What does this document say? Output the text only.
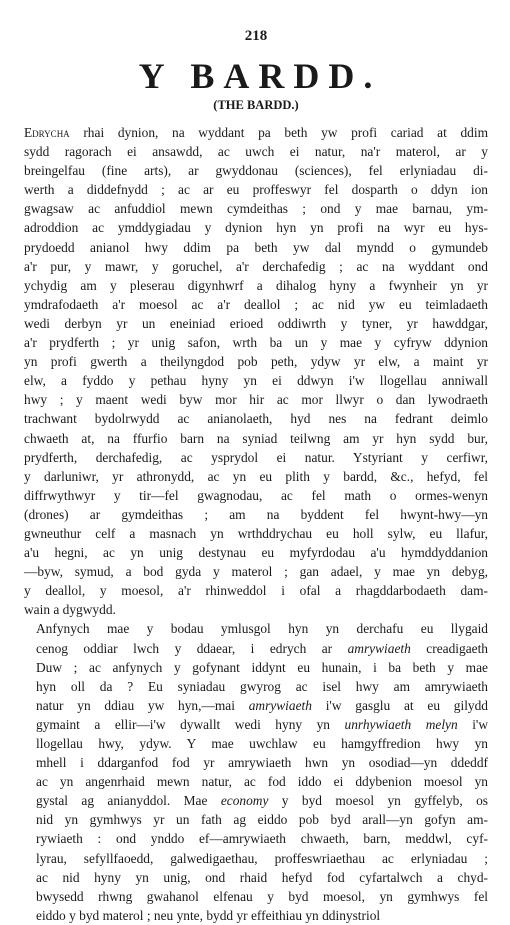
218
Y BARDD.
(THE BARDD.)

Edrycha rhai dynion, na wyddant pa beth yw profi cariad at ddim
sydd ragorach ei ansawdd, ac uwch ei natur, na'r materol, ar y
breingelfau (fine arts), ar gwyddonau (sciences), fel erlyniadau di-
werth a diddefnydd ; ac ar eu proffeswyr fel dosparth o ddyn ion
gwagsaw ac anfuddiol mewn cymdeithas ; ond y mae barnau, ym-
adroddion ac ymddygiadau y dynion hyn yn profi na wyr eu hys-
prydoedd anianol hwy ddim pa beth yw dal myndd o gymundeb
a'r pur, y mawr, y goruchel, a'r derchafedig ; ac na wyddant ond
ychydig am y pleserau digynhwrf a dihalog hyny a fwynheir yn yr
ymdrafodaeth a'r moesol ac a'r deallol ; ac nid yw eu teimladaeth
wedi derbyn yr un eneiniad erioed oddiwrth y tyner, yr hawddgar,
a'r prydferth ; yr unig safon, wrth ba un y mae y cyfryw ddynion
yn profi gwerth a theilyngdod pob peth, ydyw yr elw, a maint yr
elw, a fyddo y pethau hyny yn ei ddwyn i'w llogellau anniwall
hwy ; y maent wedi byw mor hir ac mor llwyr o dan lywodraeth
trachwant bydolrwydd ac anianolaeth, hyd nes na fedrant deimlo
chwaeth at, na ffurfio barn na syniad teilwng am yr hyn sydd bur,
prydferth, derchafedig, ac ysprydol ei natur. Ystyriant y cerfiwr,
y darluniwr, yr athronydd, ac yn eu plith y bardd, &c., hefyd, fel
diffrwythwyr y tir—fel gwagnodau, ac fel math o ormes-wenyn
(drones) ar gymdeithas ; am na byddent fel hwynt-hwy—yn
gwneuthur celf a masnach yn wrthddrychau eu holl sylw, eu llafur,
a'u hegni, ac yn unig destynau eu myfyrdodau a'u hymddyddanion
—byw, symud, a bod gyda y materol ; gan adael, y mae yn debyg,
y deallol, y moesol, a'r rhinweddol i ofal a rhagddarbodaeth dam-
wain a dygwydd.

Anfynych mae y bodau ymlusgol hyn yn derchafu eu llygaid
cenog oddiar lwch y ddaear, i edrych ar amrywiaeth creadigaeth
Duw ; ac anfynych y gofynant iddynt eu hunain, i ba beth y mae
hyn oll da ? Eu syniadau gwyrog ac isel hwy am amrywiaeth
natur yn ddiau yw hyn,—mai amrywiaeth i'w gasglu at eu gilydd
gymaint a ellir—i'w dywallt wedi hyny yn unrhywiaeth melyn i'w
llogellau hwy, ydyw. Y mae uwchlaw eu hamgyffredion hwy yn
mhell i ddarganfod fod yr amrywiaeth hwn yn osodiad—yn ddeddf
ac yn angenrhaid mewn natur, ac fod iddo ei ddybenion moesol yn
gystal ag anianyddol. Mae economy y byd moesol yn gyffelyb, os
nid yn gymhwys yr un fath ag eiddo pob byd arall—yn gofyn am-
rywiaeth : ond ynddo ef—amrywiaeth chwaeth, barn, meddwl, cyf-
lyrau, sefyllfaoedd, galwedigaethau, proffeswriaethau ac erlyniadau ;
ac nid hyny yn unig, ond rhaid hefyd fod cyfartalwch a chyd-
bwysedd rhwng gwahanol elfenau y byd moesol, yn gymhwys fel
eiddo y byd materol ; neu ynte, bydd yr effeithiau yn ddinystriol
